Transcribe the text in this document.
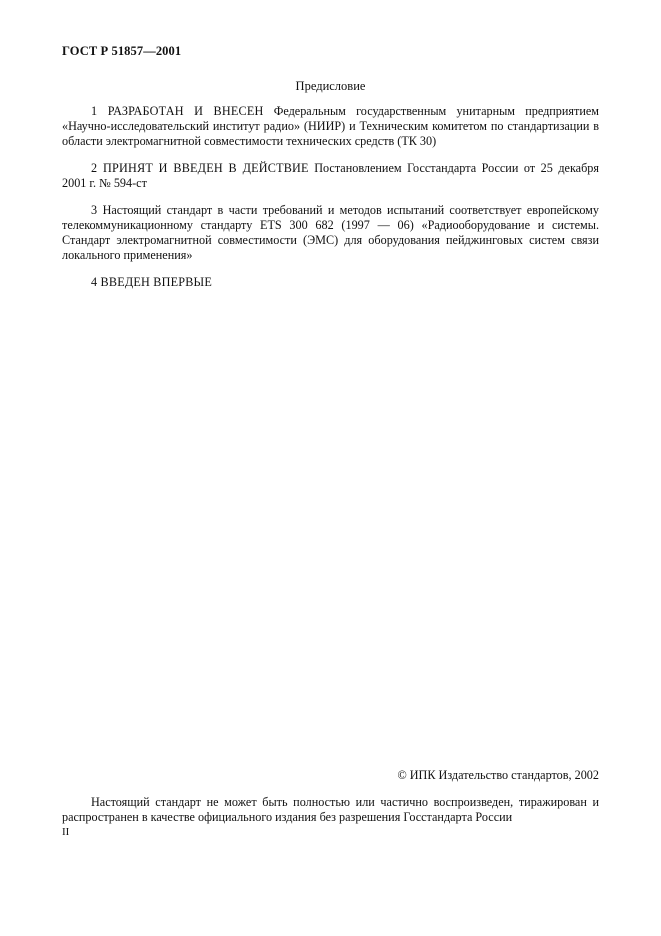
ГОСТ Р 51857—2001
Предисловие

1 РАЗРАБОТАН И ВНЕСЕН Федеральным государственным унитарным предприятием «Научно-исследовательский институт радио» (НИИР) и Техническим комитетом по стандартизации в области электромагнитной совместимости технических средств (ТК 30)

2 ПРИНЯТ И ВВЕДЕН В ДЕЙСТВИЕ Постановлением Госстандарта России от 25 декабря 2001 г. № 594-ст

3 Настоящий стандарт в части требований и методов испытаний соответствует европейскому телекоммуникационному стандарту ETS 300 682 (1997 — 06) «Радиооборудование и системы. Стандарт электромагнитной совместимости (ЭМС) для оборудования пейджинговых систем связи локального применения»

4 ВВЕДЕН ВПЕРВЫЕ

© ИПК Издательство стандартов, 2002

Настоящий стандарт не может быть полностью или частично воспроизведен, тиражирован и распространен в качестве официального издания без разрешения Госстандарта России

II
